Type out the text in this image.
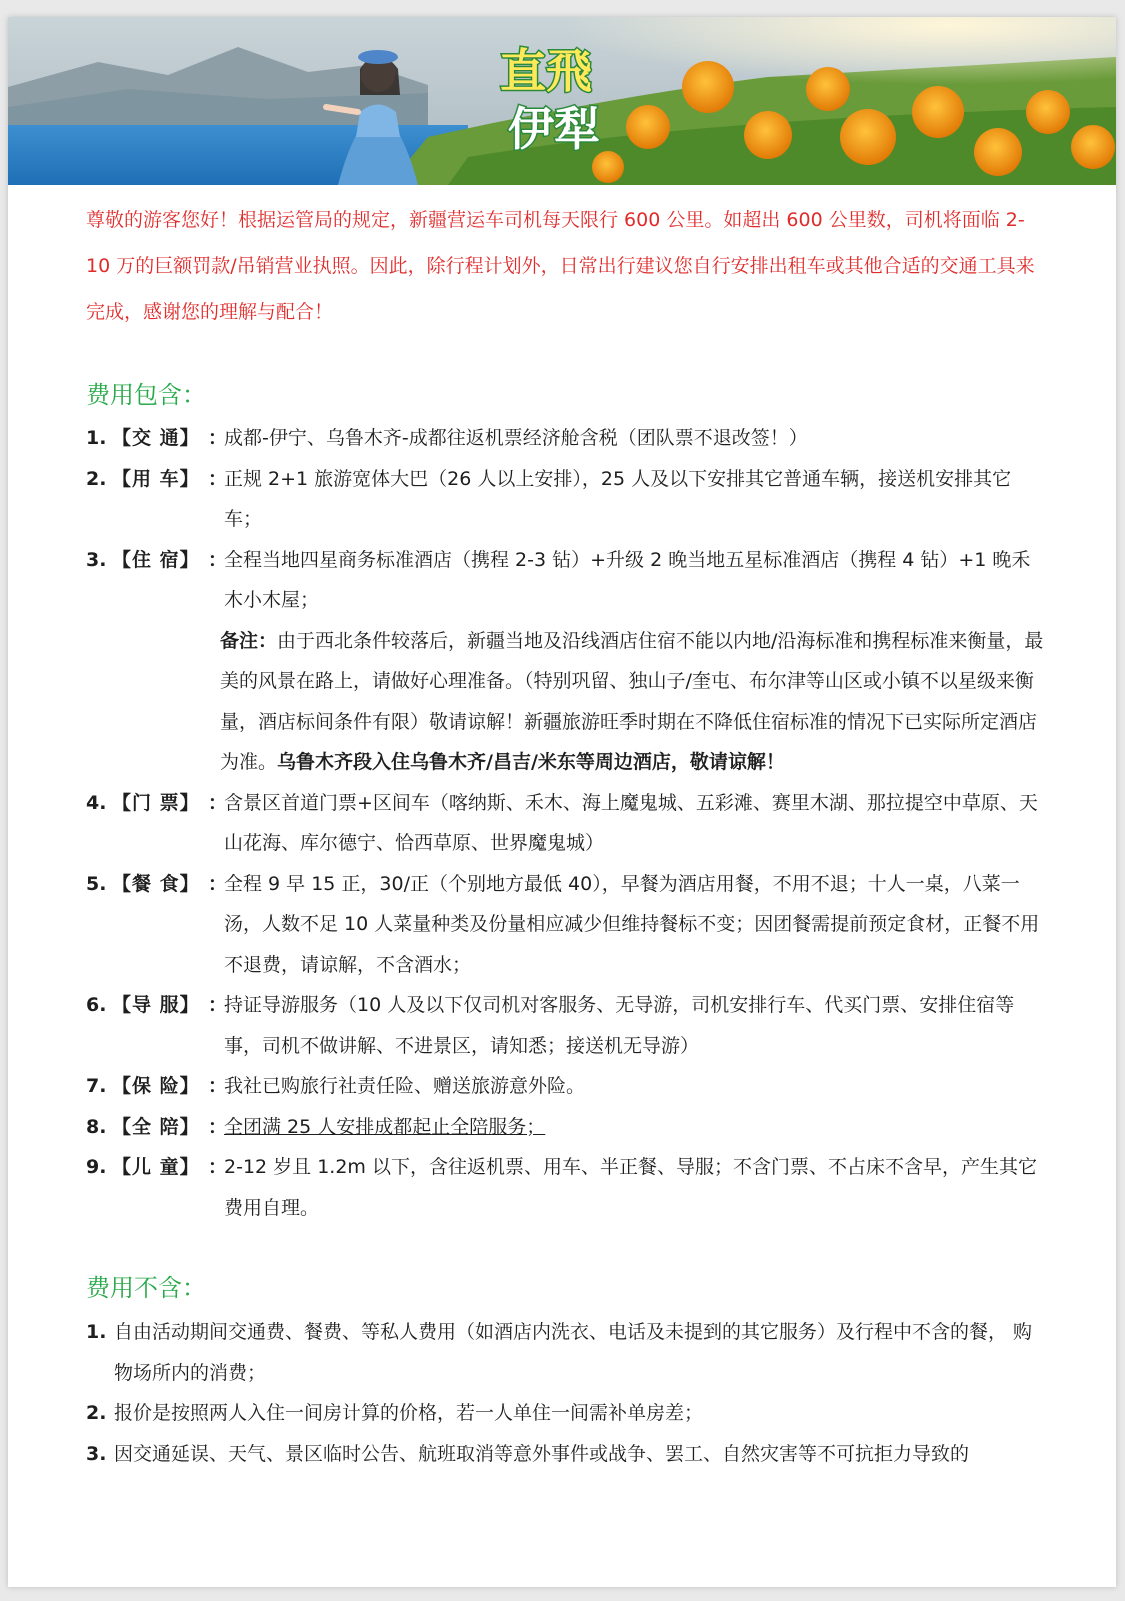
直飛
伊犁
尊敬的游客您好！根据运管局的规定，新疆营运车司机每天限行 600 公里。如超出 600 公里数，司机将面临 2-10 万的巨额罚款/吊销营业执照。因此，除行程计划外，日常出行建议您自行安排出租车或其他合适的交通工具来完成，感谢您的理解与配合！
费用包含：
1. 【交 通】 ：
成都-伊宁、乌鲁木齐-成都往返机票经济舱含税（团队票不退改签！）
2. 【用 车】 ：
正规 2+1 旅游宽体大巴（26 人以上安排），25 人及以下安排其它普通车辆，接送机安排其它车；
3. 【住 宿】 ：
全程当地四星商务标准酒店（携程 2-3 钻）+升级 2 晚当地五星标准酒店（携程 4 钻）+1 晚禾木小木屋；
备注：由于西北条件较落后，新疆当地及沿线酒店住宿不能以内地/沿海标准和携程标准来衡量，最美的风景在路上，请做好心理准备。（特别巩留、独山子/奎屯、布尔津等山区或小镇不以星级来衡量，酒店标间条件有限）敬请谅解！新疆旅游旺季时期在不降低住宿标准的情况下已实际所定酒店为准。乌鲁木齐段入住乌鲁木齐/昌吉/米东等周边酒店，敬请谅解！
4. 【门 票】 ：
含景区首道门票+区间车（喀纳斯、禾木、海上魔鬼城、五彩滩、赛里木湖、那拉提空中草原、天山花海、库尔德宁、恰西草原、世界魔鬼城）
5. 【餐 食】 ：
全程 9 早 15 正，30/正（个别地方最低 40），早餐为酒店用餐，不用不退；十人一桌，八菜一汤，人数不足 10 人菜量种类及份量相应减少但维持餐标不变；因团餐需提前预定食材，正餐不用不退费，请谅解，不含酒水；
6. 【导 服】 ：
持证导游服务（10 人及以下仅司机对客服务、无导游，司机安排行车、代买门票、安排住宿等事，司机不做讲解、不进景区，请知悉；接送机无导游）
7. 【保 险】 ：
我社已购旅行社责任险、赠送旅游意外险。
8. 【全 陪】 ：
全团满 25 人安排成都起止全陪服务；
9. 【儿 童】 ：
2-12 岁且 1.2m 以下，含往返机票、用车、半正餐、导服；不含门票、不占床不含早，产生其它费用自理。
费用不含：
1. 自由活动期间交通费、餐费、等私人费用（如酒店内洗衣、电话及未提到的其它服务）及行程中不含的餐， 购物场所内的消费；
2. 报价是按照两人入住一间房计算的价格，若一人单住一间需补单房差；
3. 因交通延误、天气、景区临时公告、航班取消等意外事件或战争、罢工、自然灾害等不可抗拒力导致的
